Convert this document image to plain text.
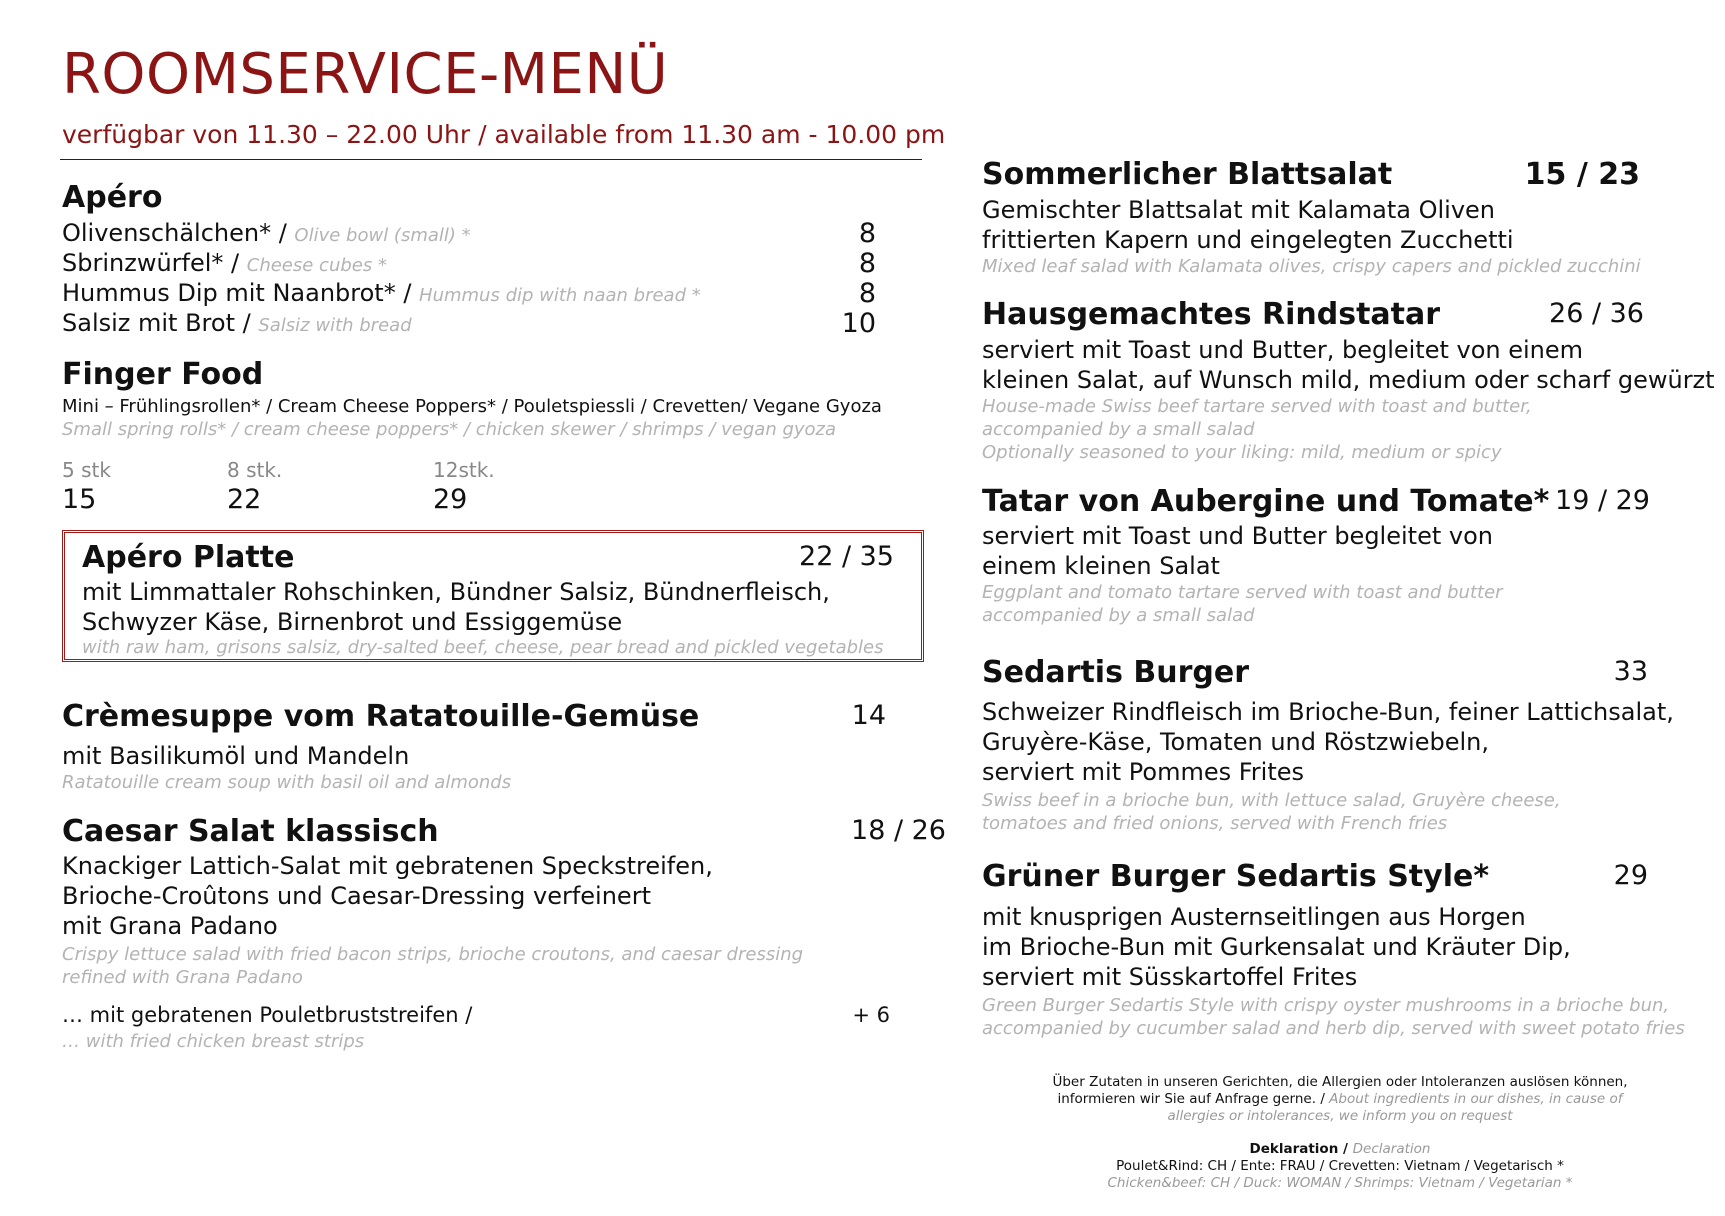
ROOMSERVICE-MENÜ
verfügbar von 11.30 – 22.00 Uhr / available from 11.30 am - 10.00 pm
Apéro
Olivenschälchen* / Olive bowl (small) *	8
Sbrinzwürfel* / Cheese cubes *	8
Hummus Dip mit Naanbrot* / Hummus dip with naan bread *	8
Salsiz mit Brot / Salsiz with bread	10
Finger Food
Mini – Frühlingsrollen* / Cream Cheese Poppers* / Pouletspiessli / Crevetten/ Vegane Gyoza
Small spring rolls* / cream cheese poppers* / chicken skewer / shrimps / vegan gyoza
5 stk	8 stk.	12stk.
15	22	29
Apéro Platte	22 / 35
mit Limmattaler Rohschinken, Bündner Salsiz, Bündnerfleisch,
Schwyzer Käse, Birnenbrot und Essiggemüse
with raw ham, grisons salsiz, dry-salted beef, cheese, pear bread and pickled vegetables
Crèmesuppe vom Ratatouille-Gemüse	14
mit Basilikumöl und Mandeln
Ratatouille cream soup with basil oil and almonds
Caesar Salat klassisch	18 / 26
Knackiger Lattich-Salat mit gebratenen Speckstreifen,
Brioche-Croûtons und Caesar-Dressing verfeinert
mit Grana Padano
Crispy lettuce salad with fried bacon strips, brioche croutons, and caesar dressing
refined with Grana Padano
… mit gebratenen Pouletbruststreifen /	+ 6
… with fried chicken breast strips
Sommerlicher Blattsalat	15 / 23
Gemischter Blattsalat mit Kalamata Oliven
frittierten Kapern und eingelegten Zucchetti
Mixed leaf salad with Kalamata olives, crispy capers and pickled zucchini
Hausgemachtes Rindstatar	26 / 36
serviert mit Toast und Butter, begleitet von einem
kleinen Salat, auf Wunsch mild, medium oder scharf gewürzt
House-made Swiss beef tartare served with toast and butter,
accompanied by a small salad
Optionally seasoned to your liking: mild, medium or spicy
Tatar von Aubergine und Tomate* 19 / 29
serviert mit Toast und Butter begleitet von
einem kleinen Salat
Eggplant and tomato tartare served with toast and butter
accompanied by a small salad
Sedartis Burger	33
Schweizer Rindfleisch im Brioche-Bun, feiner Lattichsalat,
Gruyère-Käse, Tomaten und Röstzwiebeln,
serviert mit Pommes Frites
Swiss beef in a brioche bun, with lettuce salad, Gruyère cheese,
tomatoes and fried onions, served with French fries
Grüner Burger Sedartis Style*	29
mit knusprigen Austernseitlingen aus Horgen
im Brioche-Bun mit Gurkensalat und Kräuter Dip,
serviert mit Süsskartoffel Frites
Green Burger Sedartis Style with crispy oyster mushrooms in a brioche bun,
accompanied by cucumber salad and herb dip, served with sweet potato fries
Über Zutaten in unseren Gerichten, die Allergien oder Intoleranzen auslösen können,
informieren wir Sie auf Anfrage gerne. / About ingredients in our dishes, in cause of
allergies or intolerances, we inform you on request
Deklaration / Declaration
Poulet&Rind: CH / Ente: FRAU / Crevetten: Vietnam / Vegetarisch *
Chicken&beef: CH / Duck: WOMAN / Shrimps: Vietnam / Vegetarian *
